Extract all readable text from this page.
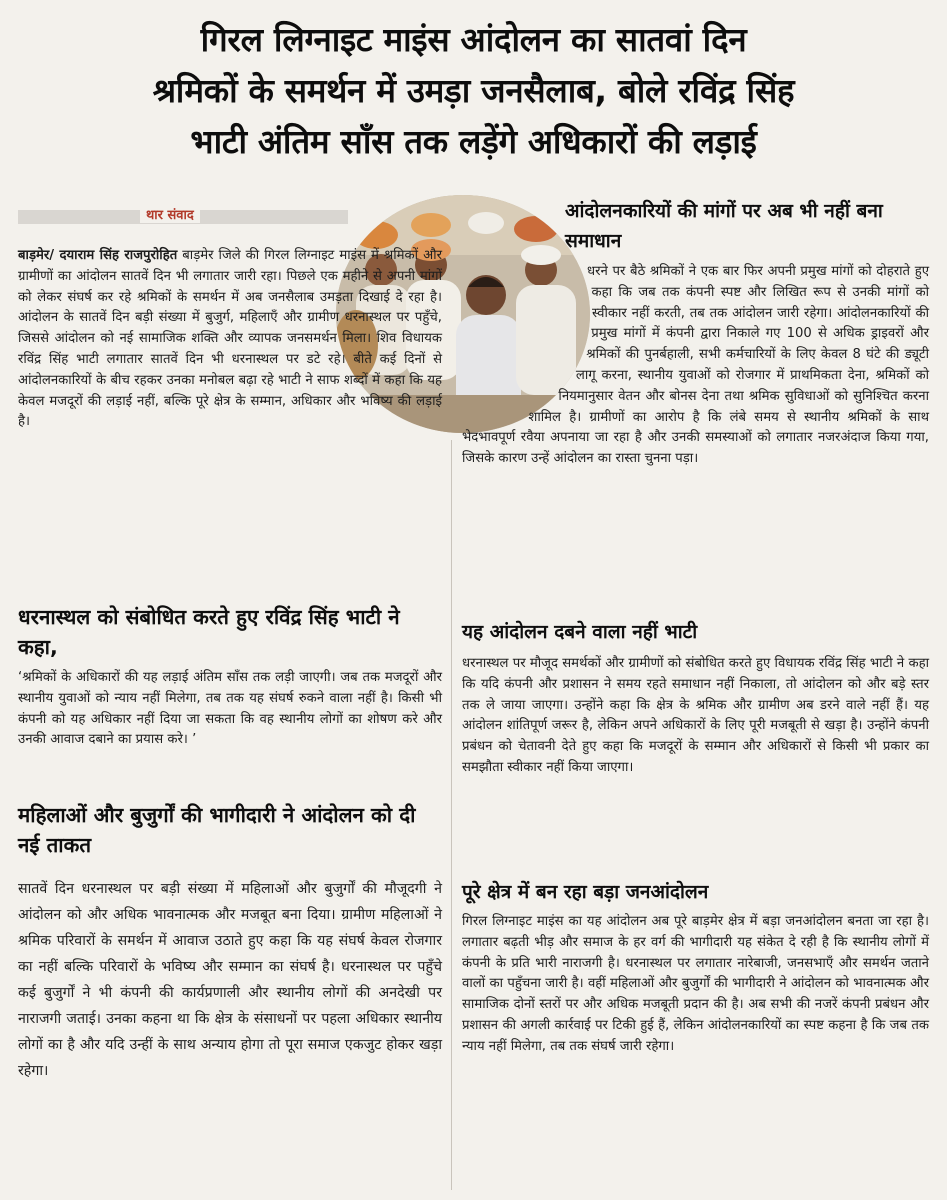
गिरल लिग्नाइट माइंस आंदोलन का सातवां दिन
श्रमिकों के समर्थन में उमड़ा जनसैलाब, बोले रविंद्र सिंह
भाटी अंतिम साँस तक लड़ेंगे अधिकारों की लड़ाई
थार संवाद
बाड़मेर/ दयाराम सिंह राजपुरोहित बाड़मेर जिले की गिरल लिग्नाइट माइंस में श्रमिकों और ग्रामीणों का आंदोलन सातवें दिन भी लगातार जारी रहा। पिछले एक महीने से अपनी मांगों को लेकर संघर्ष कर रहे श्रमिकों के समर्थन में अब जनसैलाब उमड़ता दिखाई दे रहा है। आंदोलन के सातवें दिन बड़ी संख्या में बुजुर्ग, महिलाएँ और ग्रामीण धरनास्थल पर पहुँचे, जिससे आंदोलन को नई सामाजिक शक्ति और व्यापक जनसमर्थन मिला। शिव विधायक रविंद्र सिंह भाटी लगातार सातवें दिन भी धरनास्थल पर डटे रहे। बीते कई दिनों से आंदोलनकारियों के बीच रहकर उनका मनोबल बढ़ा रहे भाटी ने साफ शब्दों में कहा कि यह केवल मजदूरों की लड़ाई नहीं, बल्कि पूरे क्षेत्र के सम्मान, अधिकार और भविष्य की लड़ाई है।
धरनास्थल को संबोधित करते हुए रविंद्र सिंह भाटी ने कहा,
‘श्रमिकों के अधिकारों की यह लड़ाई अंतिम साँस तक लड़ी जाएगी। जब तक मजदूरों और स्थानीय युवाओं को न्याय नहीं मिलेगा, तब तक यह संघर्ष रुकने वाला नहीं है। किसी भी कंपनी को यह अधिकार नहीं दिया जा सकता कि वह स्थानीय लोगों का शोषण करे और उनकी आवाज दबाने का प्रयास करे। ’
महिलाओं और बुजुर्गों की भागीदारी ने आंदोलन को दी नई ताकत
सातवें दिन धरनास्थल पर बड़ी संख्या में महिलाओं और बुजुर्गों की मौजूदगी ने आंदोलन को और अधिक भावनात्मक और मजबूत बना दिया। ग्रामीण महिलाओं ने श्रमिक परिवारों के समर्थन में आवाज उठाते हुए कहा कि यह संघर्ष केवल रोजगार का नहीं बल्कि परिवारों के भविष्य और सम्मान का संघर्ष है। धरनास्थल पर पहुँचे कई बुजुर्गों ने भी कंपनी की कार्यप्रणाली और स्थानीय लोगों की अनदेखी पर नाराजगी जताई। उनका कहना था कि क्षेत्र के संसाधनों पर पहला अधिकार स्थानीय लोगों का है और यदि उन्हीं के साथ अन्याय होगा तो पूरा समाज एकजुट होकर खड़ा रहेगा।
आंदोलनकारियों की मांगों पर अब भी नहीं बना समाधान
धरने पर बैठे श्रमिकों ने एक बार फिर अपनी प्रमुख मांगों को दोहराते हुए कहा कि जब तक कंपनी स्पष्ट और लिखित रूप से उनकी मांगों को स्वीकार नहीं करती, तब तक आंदोलन जारी रहेगा। आंदोलनकारियों की प्रमुख मांगों में कंपनी द्वारा निकाले गए 100 से अधिक ड्राइवरों और श्रमिकों की पुनर्बहाली, सभी कर्मचारियों के लिए केवल 8 घंटे की ड्यूटी लागू करना, स्थानीय युवाओं को रोजगार में प्राथमिकता देना, श्रमिकों को नियमानुसार वेतन और बोनस देना तथा श्रमिक सुविधाओं को सुनिश्चित करना शामिल है। ग्रामीणों का आरोप है कि लंबे समय से स्थानीय श्रमिकों के साथ भेदभावपूर्ण रवैया अपनाया जा रहा है और उनकी समस्याओं को लगातार नजरअंदाज किया गया, जिसके कारण उन्हें आंदोलन का रास्ता चुनना पड़ा।
यह आंदोलन दबने वाला नहीं भाटी
धरनास्थल पर मौजूद समर्थकों और ग्रामीणों को संबोधित करते हुए विधायक रविंद्र सिंह भाटी ने कहा कि यदि कंपनी और प्रशासन ने समय रहते समाधान नहीं निकाला, तो आंदोलन को और बड़े स्तर तक ले जाया जाएगा। उन्होंने कहा कि क्षेत्र के श्रमिक और ग्रामीण अब डरने वाले नहीं हैं। यह आंदोलन शांतिपूर्ण जरूर है, लेकिन अपने अधिकारों के लिए पूरी मजबूती से खड़ा है। उन्होंने कंपनी प्रबंधन को चेतावनी देते हुए कहा कि मजदूरों के सम्मान और अधिकारों से किसी भी प्रकार का समझौता स्वीकार नहीं किया जाएगा।
पूरे क्षेत्र में बन रहा बड़ा जनआंदोलन
गिरल लिग्नाइट माइंस का यह आंदोलन अब पूरे बाड़मेर क्षेत्र में बड़ा जनआंदोलन बनता जा रहा है। लगातार बढ़ती भीड़ और समाज के हर वर्ग की भागीदारी यह संकेत दे रही है कि स्थानीय लोगों में कंपनी के प्रति भारी नाराजगी है। धरनास्थल पर लगातार नारेबाजी, जनसभाएँ और समर्थन जताने वालों का पहुँचना जारी है। वहीं महिलाओं और बुजुर्गों की भागीदारी ने आंदोलन को भावनात्मक और सामाजिक दोनों स्तरों पर और अधिक मजबूती प्रदान की है। अब सभी की नजरें कंपनी प्रबंधन और प्रशासन की अगली कार्रवाई पर टिकी हुई हैं, लेकिन आंदोलनकारियों का स्पष्ट कहना है कि जब तक न्याय नहीं मिलेगा, तब तक संघर्ष जारी रहेगा।
